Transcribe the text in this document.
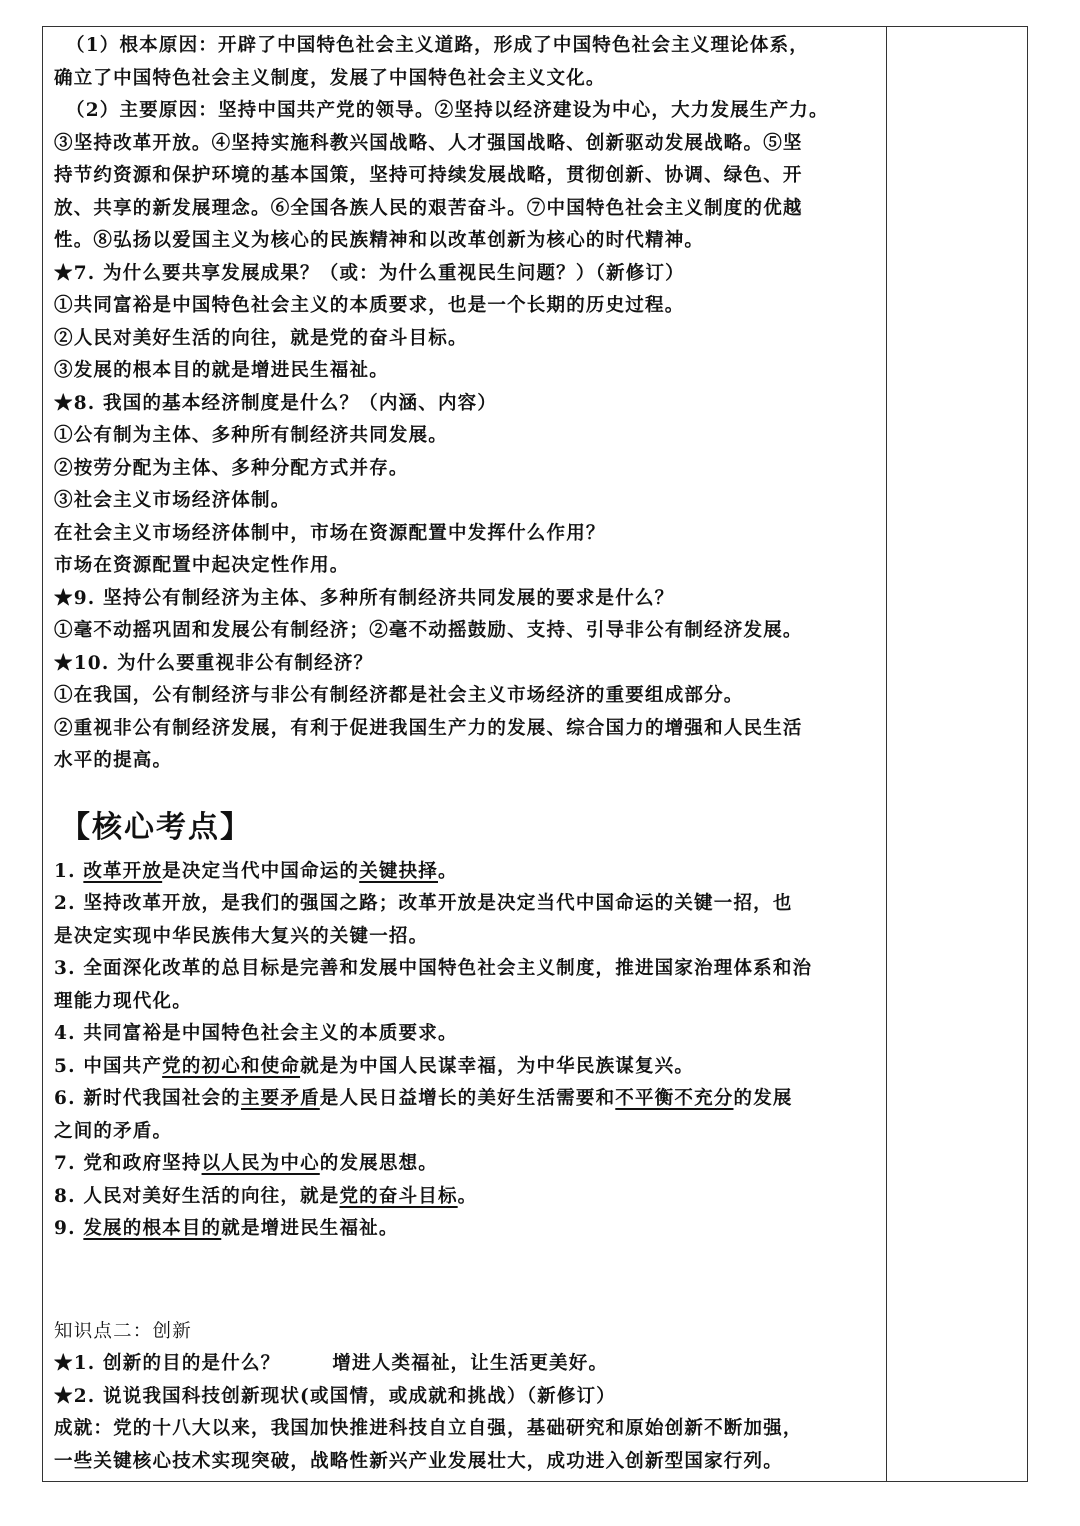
（1）根本原因：开辟了中国特色社会主义道路，形成了中国特色社会主义理论体系，
确立了中国特色社会主义制度，发展了中国特色社会主义文化。
（2）主要原因：坚持中国共产党的领导。②坚持以经济建设为中心，大力发展生产力。
③坚持改革开放。④坚持实施科教兴国战略、人才强国战略、创新驱动发展战略。⑤坚
持节约资源和保护环境的基本国策，坚持可持续发展战略，贯彻创新、协调、绿色、开
放、共享的新发展理念。⑥全国各族人民的艰苦奋斗。⑦中国特色社会主义制度的优越
性。⑧弘扬以爱国主义为核心的民族精神和以改革创新为核心的时代精神。
★7. 为什么要共享发展成果？（或：为什么重视民生问题？）（新修订）
①共同富裕是中国特色社会主义的本质要求，也是一个长期的历史过程。
②人民对美好生活的向往，就是党的奋斗目标。
③发展的根本目的就是增进民生福祉。
★8. 我国的基本经济制度是什么？（内涵、内容）
①公有制为主体、多种所有制经济共同发展。
②按劳分配为主体、多种分配方式并存。
③社会主义市场经济体制。
在社会主义市场经济体制中，市场在资源配置中发挥什么作用？
市场在资源配置中起决定性作用。
★9. 坚持公有制经济为主体、多种所有制经济共同发展的要求是什么？
①毫不动摇巩固和发展公有制经济；②毫不动摇鼓励、支持、引导非公有制经济发展。
★10. 为什么要重视非公有制经济？
①在我国，公有制经济与非公有制经济都是社会主义市场经济的重要组成部分。
②重视非公有制经济发展，有利于促进我国生产力的发展、综合国力的增强和人民生活
水平的提高。
【核心考点】
1. 改革开放是决定当代中国命运的关键抉择。
2. 坚持改革开放，是我们的强国之路；改革开放是决定当代中国命运的关键一招，也
是决定实现中华民族伟大复兴的关键一招。
3. 全面深化改革的总目标是完善和发展中国特色社会主义制度，推进国家治理体系和治
理能力现代化。
4. 共同富裕是中国特色社会主义的本质要求。
5. 中国共产党的初心和使命就是为中国人民谋幸福，为中华民族谋复兴。
6. 新时代我国社会的主要矛盾是人民日益增长的美好生活需要和不平衡不充分的发展
之间的矛盾。
7. 党和政府坚持以人民为中心的发展思想。
8. 人民对美好生活的向往，就是党的奋斗目标。
9. 发展的根本目的就是增进民生福祉。
知识点二：创新
★1. 创新的目的是什么？	增进人类福祉，让生活更美好。
★2. 说说我国科技创新现状(或国情，或成就和挑战）（新修订）
成就：党的十八大以来，我国加快推进科技自立自强，基础研究和原始创新不断加强，
一些关键核心技术实现突破，战略性新兴产业发展壮大，成功进入创新型国家行列。
